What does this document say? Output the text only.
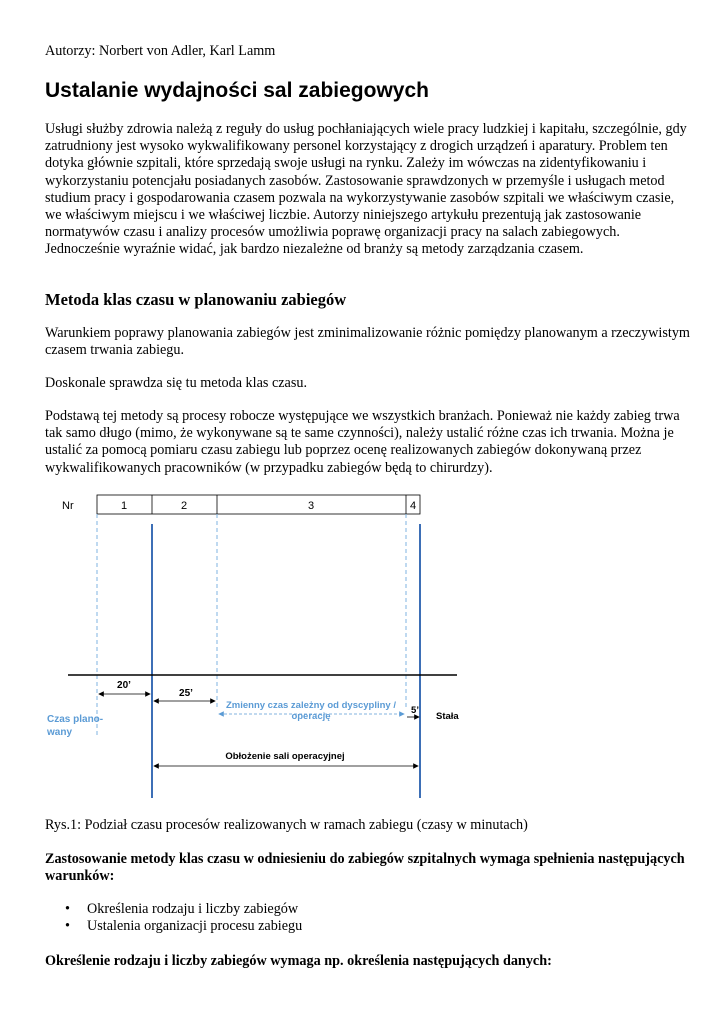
Autorzy: Norbert von Adler, Karl Lamm
Ustalanie wydajności sal zabiegowych
Usługi służby zdrowia należą z reguły do usług pochłaniających wiele pracy ludzkiej i kapitału, szczególnie, gdy zatrudniony jest wysoko wykwalifikowany personel korzystający z drogich urządzeń i aparatury. Problem ten dotyka głównie szpitali, które sprzedają swoje usługi na rynku. Zależy im wówczas na zidentyfikowaniu i wykorzystaniu potencjału posiadanych zasobów. Zastosowanie sprawdzonych w przemyśle i usługach metod studium pracy i gospodarowania czasem pozwala na wykorzystywanie zasobów szpitali we właściwym czasie, we właściwym miejscu i we właściwej liczbie. Autorzy niniejszego artykułu prezentują jak zastosowanie normatywów czasu i analizy procesów umożliwia poprawę organizacji pracy na salach zabiegowych. Jednocześnie wyraźnie widać, jak bardzo niezależne od branży są metody zarządzania czasem.
Metoda klas czasu w planowaniu zabiegów
Warunkiem poprawy planowania zabiegów jest zminimalizowanie różnic pomiędzy planowanym a rzeczywistym czasem trwania zabiegu.
Doskonale sprawdza się tu metoda klas czasu.
Podstawą tej metody są procesy robocze występujące we wszystkich branżach. Ponieważ nie każdy zabieg trwa tak samo długo (mimo, że wykonywane są te same czynności), należy ustalić różne czas ich trwania. Można je ustalić za pomocą pomiaru czasu zabiegu lub poprzez ocenę realizowanych zabiegów dokonywaną przez wykwalifikowanych pracowników (w przypadku zabiegów będą to chirurdzy).
Nr	1	2	3	4
20’
25’
Zmienny czas zależny od dyscypliny /
operację
5’
Czas plano-
wany
Stała
Obłożenie sali operacyjnej
Rys.1: Podział czasu procesów realizowanych w ramach zabiegu (czasy w minutach)
Zastosowanie metody klas czasu w odniesieniu do zabiegów szpitalnych wymaga spełnienia następujących warunków:
• Określenia rodzaju i liczby zabiegów
• Ustalenia organizacji procesu zabiegu
Określenie rodzaju i liczby zabiegów wymaga np. określenia następujących danych:
